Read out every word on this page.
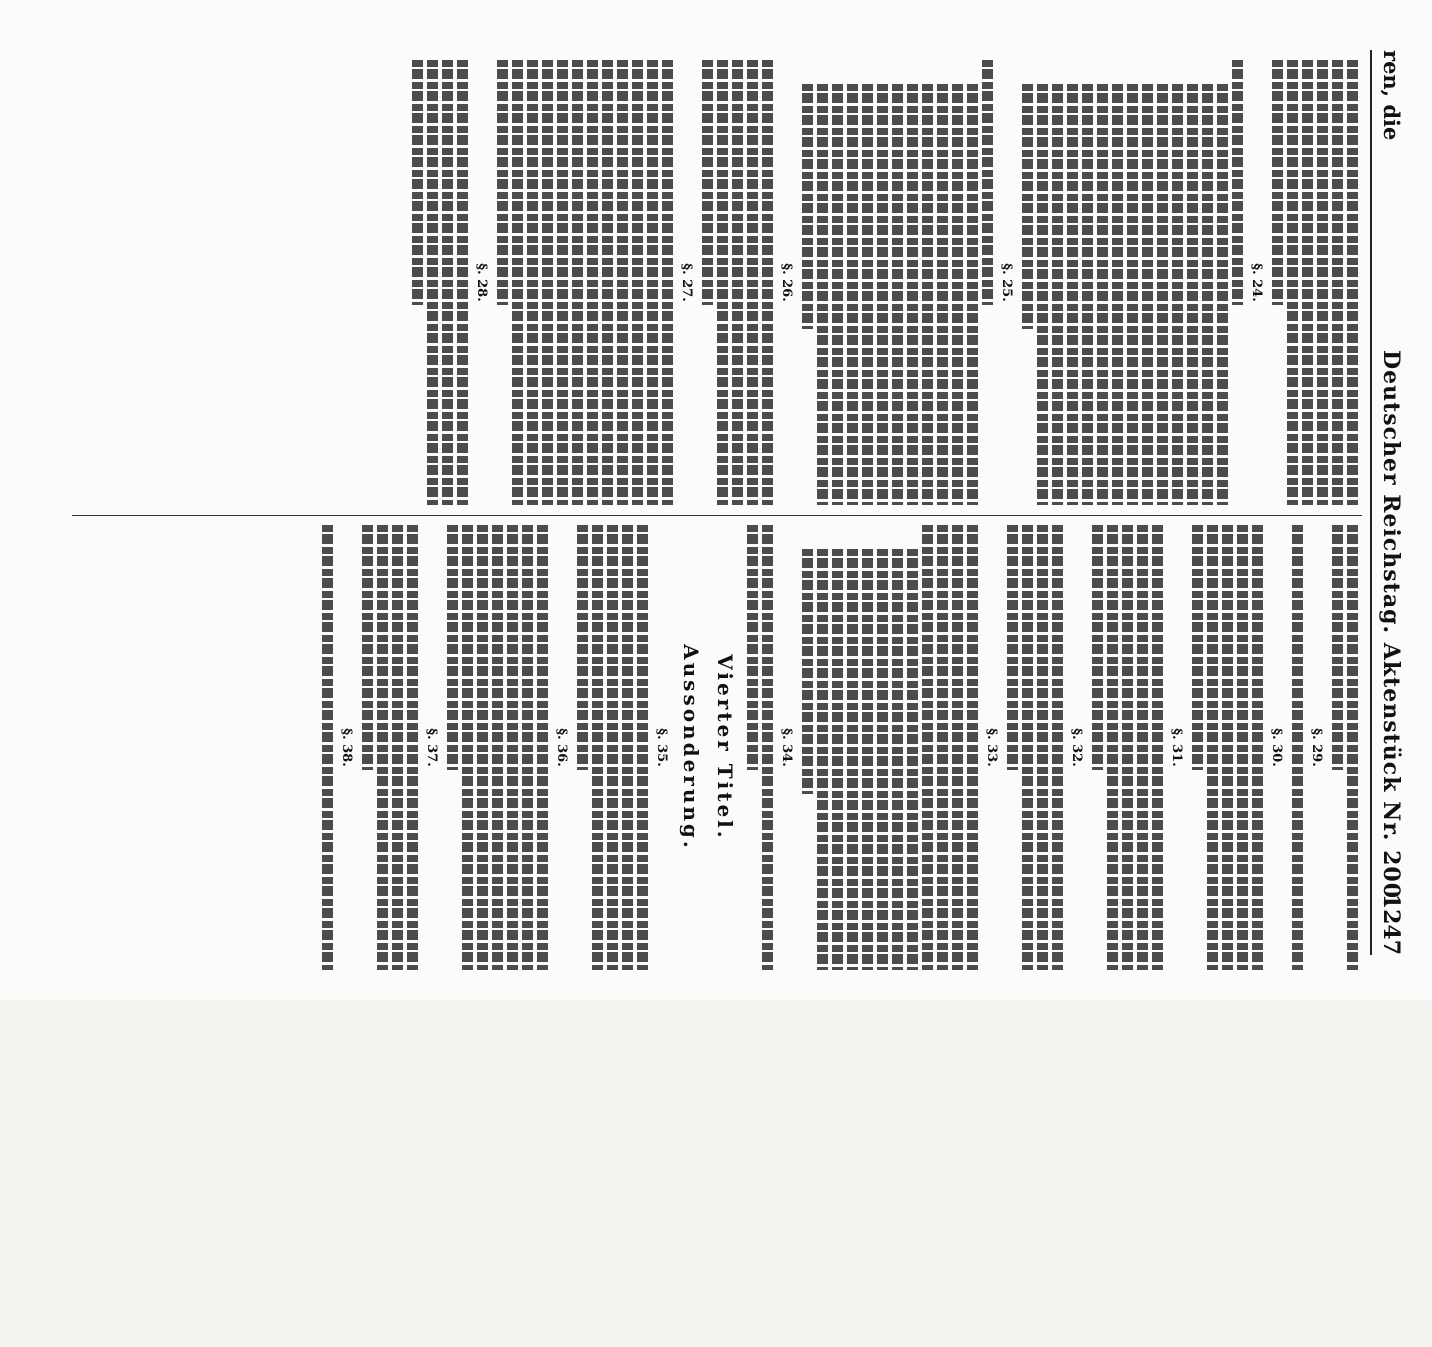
ren, die
Deutscher Reichstag. Aktenstück Nr. 200.
1247
§. 24.
§. 25.
§. 26.
§. 27.
§. 28.
§. 29.
§. 30.
§. 31.
§. 32.
§. 33.
§. 34.
Vierter Titel.
Aussonderung.
§. 35.
§. 36.
§. 37.
§. 38.
